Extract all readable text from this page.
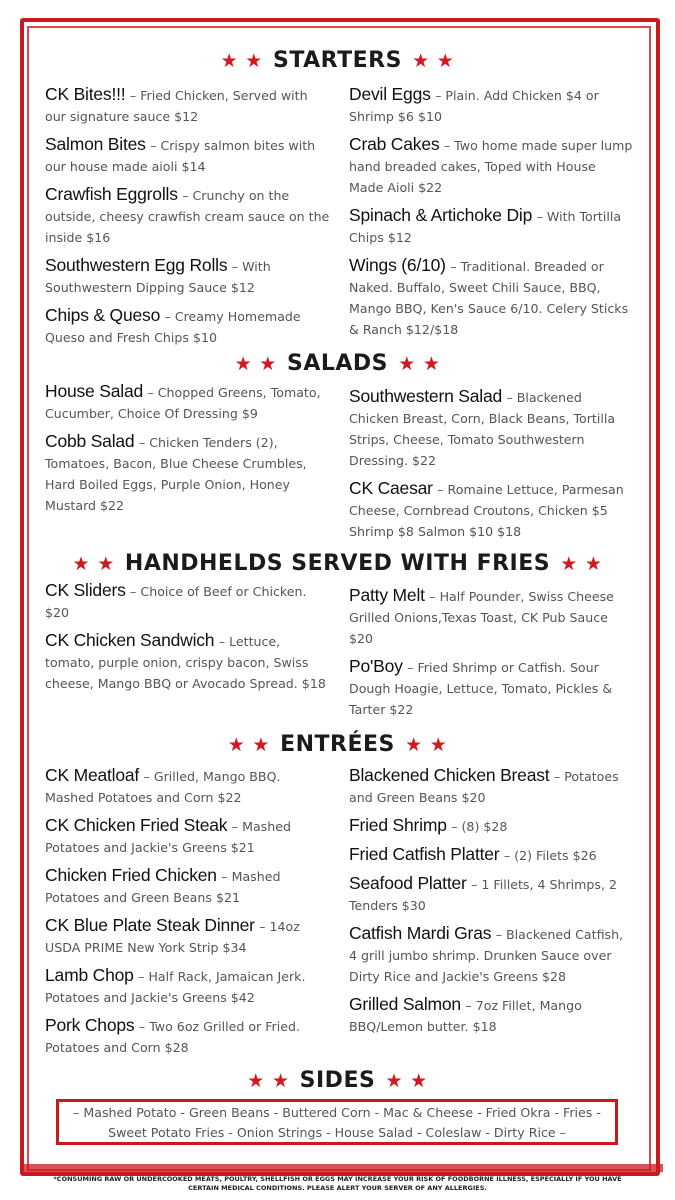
★ ★ STARTERS ★ ★
CK Bites!!! – Fried Chicken, Served with our signature sauce $12
Salmon Bites – Crispy salmon bites with our house made aioli $14
Crawfish Eggrolls – Crunchy on the outside, cheesy crawfish cream sauce on the inside $16
Southwestern Egg Rolls – With Southwestern Dipping Sauce $12
Chips & Queso – Creamy Homemade Queso and Fresh Chips $10
Devil Eggs – Plain. Add Chicken $4 or Shrimp $6 $10
Crab Cakes – Two home made super lump hand breaded cakes, Toped with House Made Aioli $22
Spinach & Artichoke Dip – With Tortilla Chips $12
Wings (6/10) – Traditional. Breaded or Naked. Buffalo, Sweet Chili Sauce, BBQ, Mango BBQ, Ken's Sauce 6/10. Celery Sticks & Ranch $12/$18
★ ★ SALADS ★ ★
House Salad – Chopped Greens, Tomato, Cucumber, Choice Of Dressing $9
Cobb Salad – Chicken Tenders (2), Tomatoes, Bacon, Blue Cheese Crumbles, Hard Boiled Eggs, Purple Onion, Honey Mustard $22
Southwestern Salad – Blackened Chicken Breast, Corn, Black Beans, Tortilla Strips, Cheese, Tomato Southwestern Dressing. $22
CK Caesar – Romaine Lettuce, Parmesan Cheese, Cornbread Croutons, Chicken $5 Shrimp $8 Salmon $10 $18
★ ★ HANDHELDS SERVED WITH FRIES ★ ★
CK Sliders – Choice of Beef or Chicken. $20
CK Chicken Sandwich – Lettuce, tomato, purple onion, crispy bacon, Swiss cheese, Mango BBQ or Avocado Spread. $18
Patty Melt – Half Pounder, Swiss Cheese Grilled Onions,Texas Toast, CK Pub Sauce $20
Po'Boy – Fried Shrimp or Catfish. Sour Dough Hoagie, Lettuce, Tomato, Pickles & Tarter $22
★ ★ ENTRÉES ★ ★
CK Meatloaf – Grilled, Mango BBQ. Mashed Potatoes and Corn $22
CK Chicken Fried Steak – Mashed Potatoes and Jackie's Greens $21
Chicken Fried Chicken – Mashed Potatoes and Green Beans $21
CK Blue Plate Steak Dinner – 14oz USDA PRIME New York Strip $34
Lamb Chop – Half Rack, Jamaican Jerk. Potatoes and Jackie's Greens $42
Pork Chops – Two 6oz Grilled or Fried. Potatoes and Corn $28
Blackened Chicken Breast – Potatoes and Green Beans $20
Fried Shrimp – (8) $28
Fried Catfish Platter – (2) Filets $26
Seafood Platter – 1 Fillets, 4 Shrimps, 2 Tenders $30
Catfish Mardi Gras – Blackened Catfish, 4 grill jumbo shrimp. Drunken Sauce over Dirty Rice and Jackie's Greens $28
Grilled Salmon – 7oz Fillet, Mango BBQ/Lemon butter. $18
★ ★ SIDES ★ ★
– Mashed Potato - Green Beans - Buttered Corn - Mac & Cheese - Fried Okra - Fries -
Sweet Potato Fries - Onion Strings - House Salad - Coleslaw - Dirty Rice –
*CONSUMING RAW OR UNDERCOOKED MEATS, POULTRY, SHELLFISH OR EGGS MAY INCREASE YOUR RISK OF FOODBORNE ILLNESS, ESPECIALLY IF YOU HAVE CERTAIN MEDICAL CONDITIONS. PLEASE ALERT YOUR SERVER OF ANY ALLERGIES.
